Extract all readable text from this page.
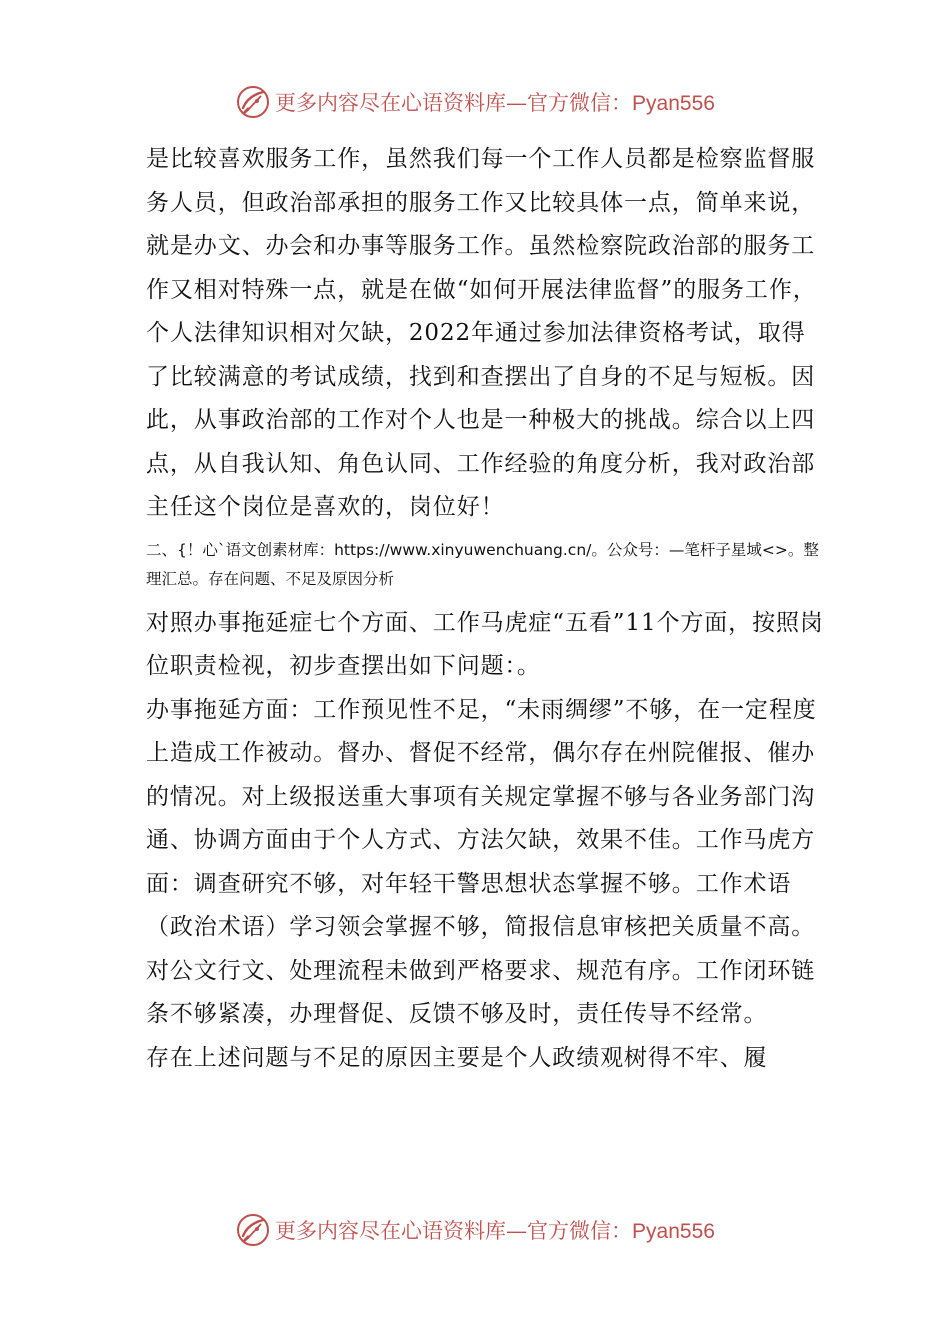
更多内容尽在心语资料库—官方微信：Pyan556

是比较喜欢服务工作，虽然我们每一个工作人员都是检察监督服务人员，但政治部承担的服务工作又比较具体一点，简单来说，就是办文、办会和办事等服务工作。虽然检察院政治部的服务工作又相对特殊一点，就是在做“如何开展法律监督”的服务工作，个人法律知识相对欠缺，2022年通过参加法律资格考试，取得了比较满意的考试成绩，找到和查摆出了自身的不足与短板。因此，从事政治部的工作对个人也是一种极大的挑战。综合以上四点，从自我认知、角色认同、工作经验的角度分析，我对政治部主任这个岗位是喜欢的，岗位好！

二、{！心`语文创素材库：https://www.xinyuwenchuang.cn/。公众号：—笔杆子星域<>。整理汇总。存在问题、不足及原因分析

对照办事拖延症七个方面、工作马虎症“五看”11个方面，按照岗位职责检视，初步查摆出如下问题：。

办事拖延方面：工作预见性不足，“未雨绸缪”不够，在一定程度上造成工作被动。督办、督促不经常，偶尔存在州院催报、催办的情况。对上级报送重大事项有关规定掌握不够与各业务部门沟通、协调方面由于个人方式、方法欠缺，效果不佳。工作马虎方面：调查研究不够，对年轻干警思想状态掌握不够。工作术语（政治术语）学习领会掌握不够，简报信息审核把关质量不高。对公文行文、处理流程未做到严格要求、规范有序。工作闭环链条不够紧凑，办理督促、反馈不够及时，责任传导不经常。

存在上述问题与不足的原因主要是个人政绩观树得不牢、履

更多内容尽在心语资料库—官方微信：Pyan556
